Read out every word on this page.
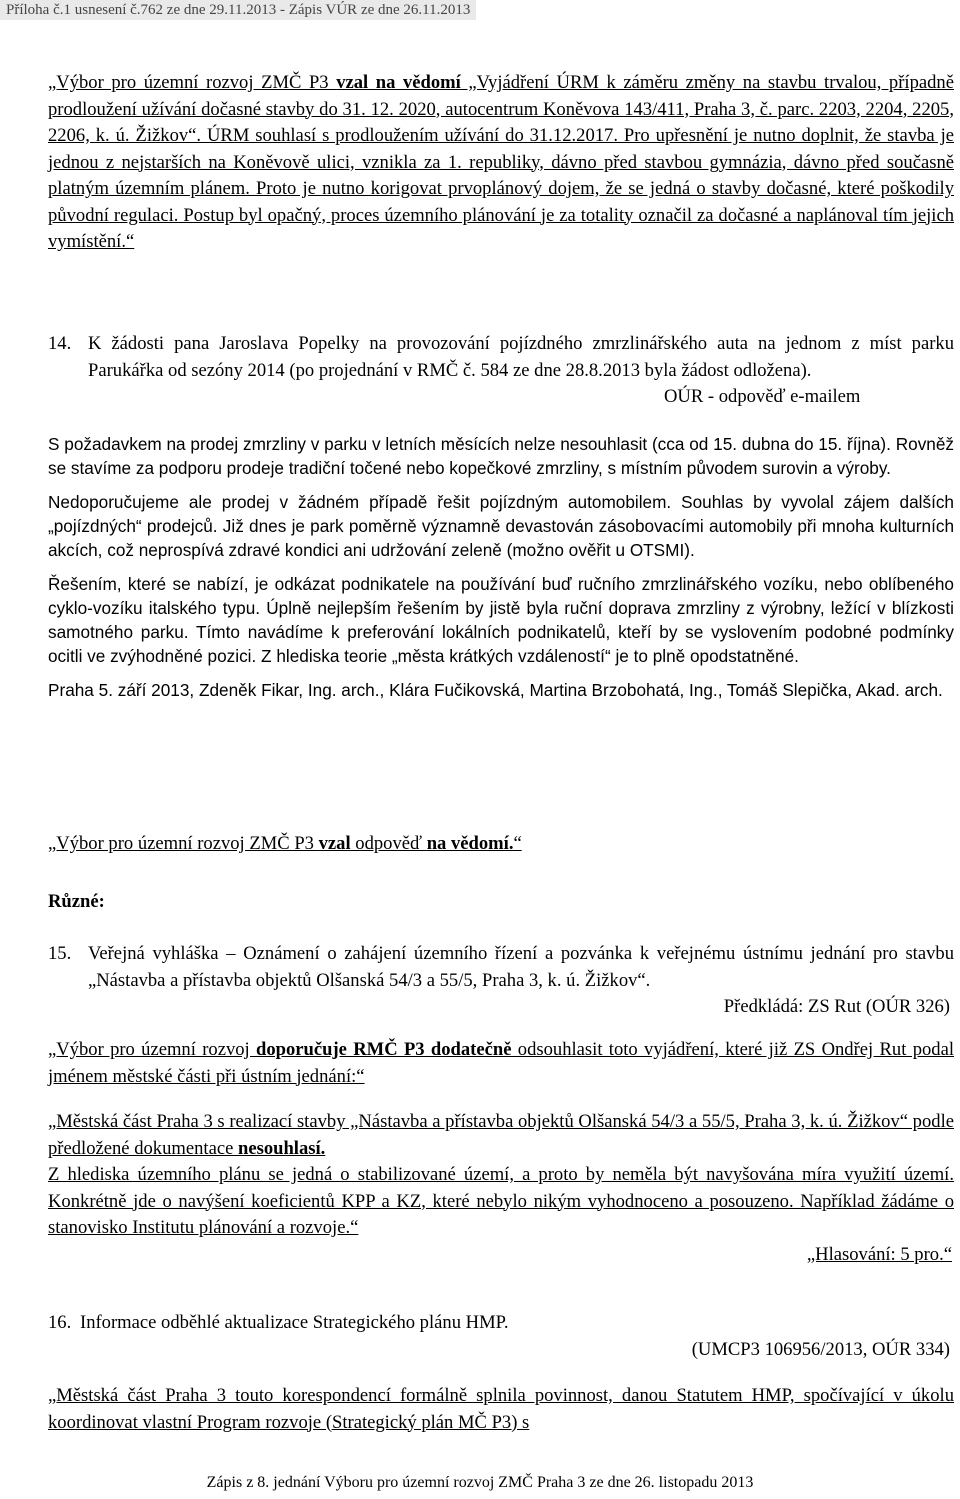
Příloha č.1 usnesení č.762 ze dne 29.11.2013 - Zápis VÚR ze dne 26.11.2013

„Výbor pro územní rozvoj ZMČ P3 vzal na vědomí „Vyjádření ÚRM k záměru změny na stavbu trvalou, případně prodloužení užívání dočasné stavby do 31. 12. 2020, autocentrum Koněvova 143/411, Praha 3, č. parc. 2203, 2204, 2205, 2206, k. ú. Žižkov“. ÚRM souhlasí s prodloužením užívání do 31.12.2017. Pro upřesnění je nutno doplnit, že stavba je jednou z nejstarších na Koněvově ulici, vznikla za 1. republiky, dávno před stavbou gymnázia, dávno před současně platným územním plánem. Proto je nutno korigovat prvoplánový dojem, že se jedná o stavby dočasné, které poškodily původní regulaci. Postup byl opačný, proces územního plánování je za totality označil za dočasné a naplánoval tím jejich vymístění.“

14. K žádosti pana Jaroslava Popelky na provozování pojízdného zmrzlinářského auta na jednom z míst parku Parukářka od sezóny 2014 (po projednání v RMČ č. 584 ze dne 28.8.2013 byla žádost odložena).

OÚR - odpověď e-mailem

S požadavkem na prodej zmrzliny v parku v letních měsících nelze nesouhlasit (cca od 15. dubna do 15. října). Rovněž se stavíme za podporu prodeje tradiční točené nebo kopečkové zmrzliny, s místním původem surovin a výroby.

Nedoporučujeme ale prodej v žádném případě řešit pojízdným automobilem. Souhlas by vyvolal zájem dalších „pojízdných“ prodejců. Již dnes je park poměrně významně devastován zásobovacími automobily při mnoha kulturních akcích, což neprospívá zdravé kondici ani udržování zeleně (možno ověřit u OTSMI).

Řešením, které se nabízí, je odkázat podnikatele na používání buď ručního zmrzlinářského vozíku, nebo oblíbeného cyklo-vozíku italského typu. Úplně nejlepším řešením by jistě byla ruční doprava zmrzliny z výrobny, ležící v blízkosti samotného parku. Tímto navádíme k preferování lokálních podnikatelů, kteří by se vyslovením podobné podmínky ocitli ve zvýhodněné pozici. Z hlediska teorie „města krátkých vzdáleností“ je to plně opodstatněné.

Praha 5. září 2013, Zdeněk Fikar, Ing. arch., Klára Fučikovská, Martina Brzobohatá, Ing., Tomáš Slepička, Akad. arch.

„Výbor pro územní rozvoj ZMČ P3 vzal odpověď na vědomí.“

Různé:
15. Veřejná vyhláška – Oznámení o zahájení územního řízení a pozvánka k veřejnému ústnímu jednání pro stavbu „Nástavba a přístavba objektů Olšanská 54/3 a 55/5, Praha 3, k. ú. Žižkov“.

Předkládá: ZS Rut (OÚR 326)

„Výbor pro územní rozvoj doporučuje RMČ P3 dodatečně odsouhlasit toto vyjádření, které již ZS Ondřej Rut podal jménem městské části při ústním jednání:“

„Městská část Praha 3 s realizací stavby „Nástavba a přístavba objektů Olšanská 54/3 a 55/5, Praha 3, k. ú. Žižkov“ podle předložené dokumentace nesouhlasí.

Z hlediska územního plánu se jedná o stabilizované území, a proto by neměla být navyšována míra využití území. Konkrétně jde o navýšení koeficientů KPP a KZ, které nebylo nikým vyhodnoceno a posouzeno. Například žádáme o stanovisko Institutu plánování a rozvoje.“

„Hlasování: 5 pro.“

16. Informace odběhlé aktualizace Strategického plánu HMP.
(UMCP3 106956/2013, OÚR 334)

„Městská část Praha 3 touto korespondencí formálně splnila povinnost, danou Statutem HMP, spočívající v úkolu koordinovat vlastní Program rozvoje (Strategický plán MČ P3) s

Zápis z 8. jednání Výboru pro územní rozvoj ZMČ Praha 3 ze dne 26. listopadu 2013
